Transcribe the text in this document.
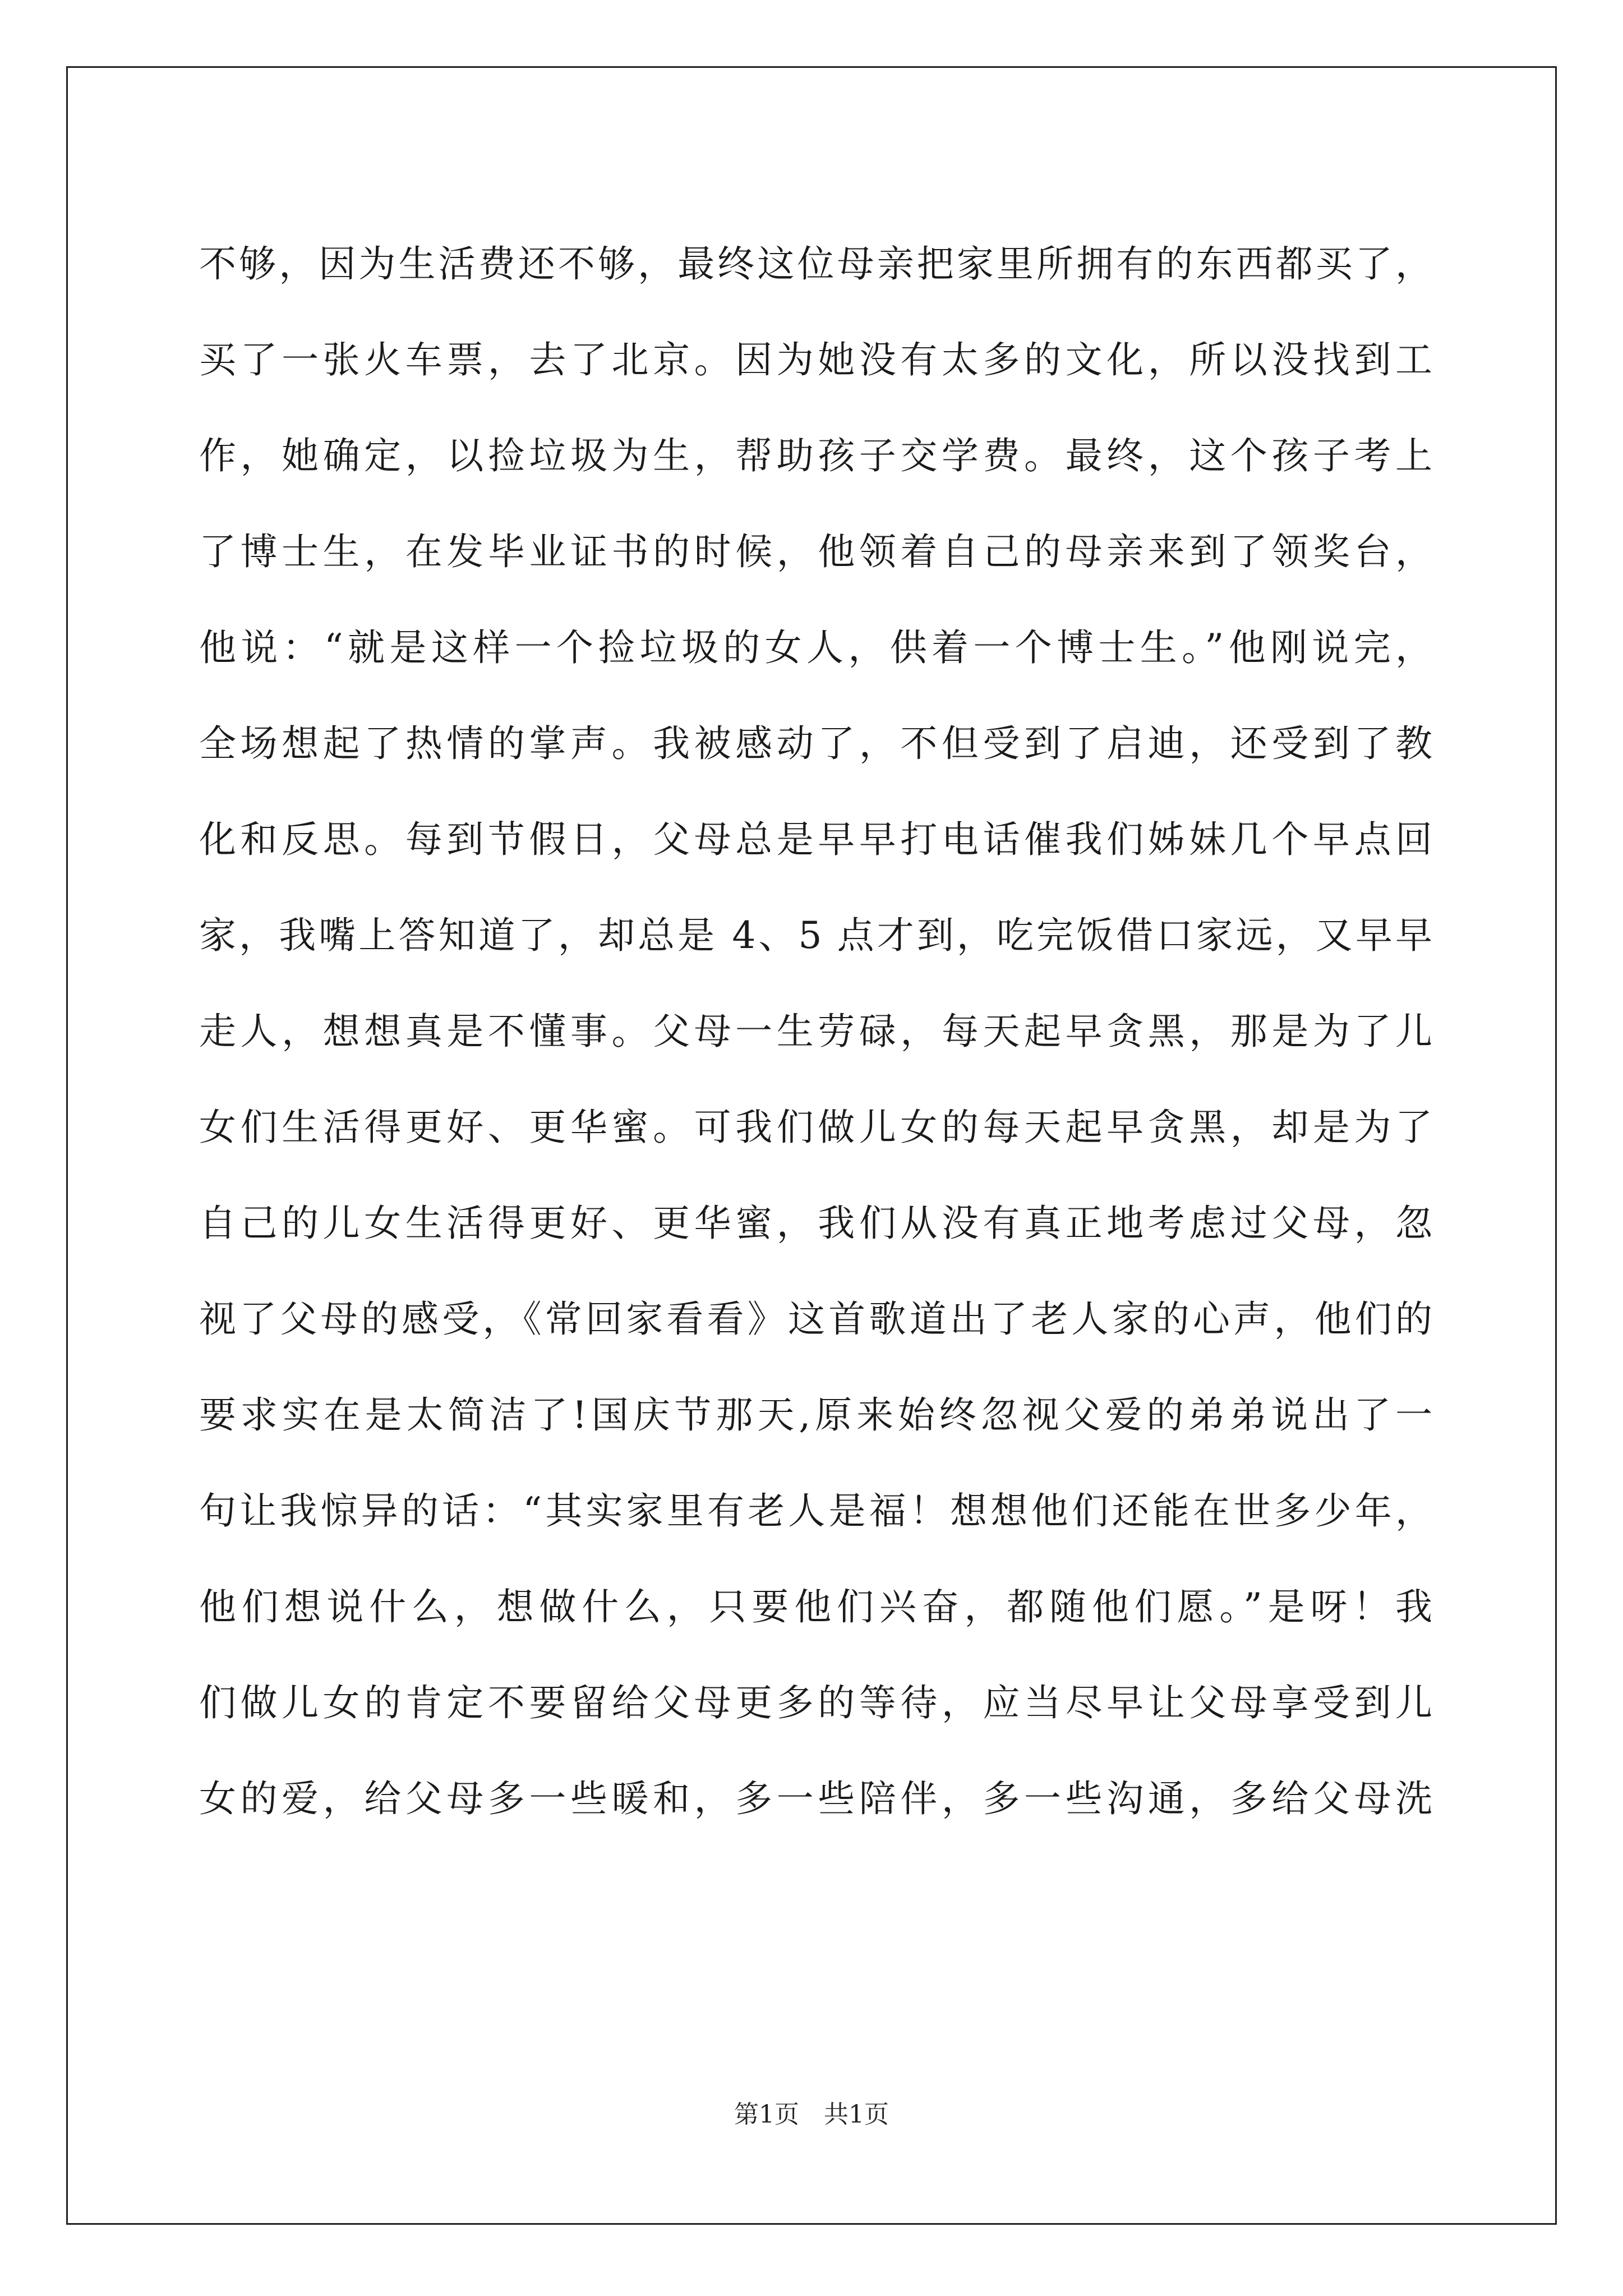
不够，因为生活费还不够，最终这位母亲把家里所拥有的东西都买了，
买了一张火车票，去了北京。因为她没有太多的文化，所以没找到工
作，她确定，以捡垃圾为生，帮助孩子交学费。最终，这个孩子考上
了博士生，在发毕业证书的时候，他领着自己的母亲来到了领奖台，
他说：“就是这样一个捡垃圾的女人，供着一个博士生。”他刚说完，
全场想起了热情的掌声。我被感动了，不但受到了启迪，还受到了教
化和反思。每到节假日，父母总是早早打电话催我们姊妹几个早点回
家，我嘴上答知道了，却总是 4、5 点才到，吃完饭借口家远，又早早
走人，想想真是不懂事。父母一生劳碌，每天起早贪黑，那是为了儿
女们生活得更好、更华蜜。可我们做儿女的每天起早贪黑，却是为了
自己的儿女生活得更好、更华蜜，我们从没有真正地考虑过父母，忽
视了父母的感受，《常回家看看》这首歌道出了老人家的心声，他们的
要求实在是太简洁了!国庆节那天,原来始终忽视父爱的弟弟说出了一
句让我惊异的话：“其实家里有老人是福！想想他们还能在世多少年，
他们想说什么，想做什么，只要他们兴奋，都随他们愿。”是呀！我
们做儿女的肯定不要留给父母更多的等待，应当尽早让父母享受到儿
女的爱，给父母多一些暖和，多一些陪伴，多一些沟通，多给父母洗
第1页　共1页
